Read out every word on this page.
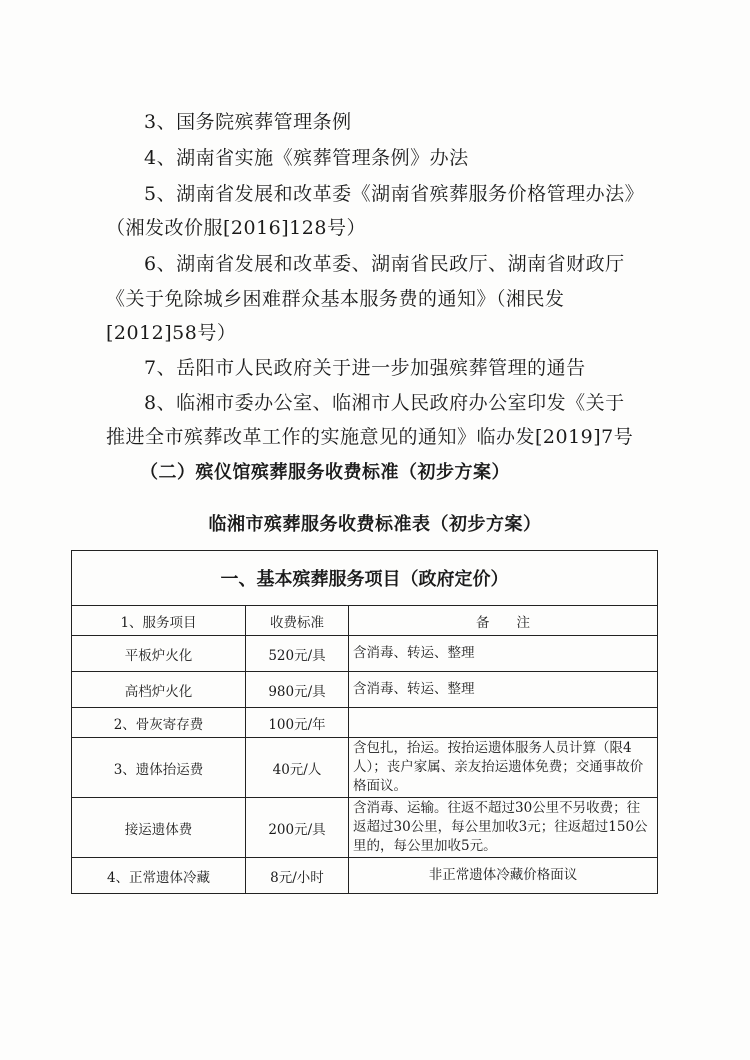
3、国务院殡葬管理条例
4、湖南省实施《殡葬管理条例》办法
5、湖南省发展和改革委《湖南省殡葬服务价格管理办法》
（湘发改价服[2016]128号）
6、湖南省发展和改革委、湖南省民政厅、湖南省财政厅
《关于免除城乡困难群众基本服务费的通知》（湘民发
[2012]58号）
7、岳阳市人民政府关于进一步加强殡葬管理的通告
8、临湘市委办公室、临湘市人民政府办公室印发《关于
推进全市殡葬改革工作的实施意见的通知》临办发[2019]7号
（二）殡仪馆殡葬服务收费标准（初步方案）
临湘市殡葬服务收费标准表（初步方案）
一、基本殡葬服务项目（政府定价）		
1、服务项目	收费标准	备　　注
平板炉火化	520元/具	含消毒、转运、整理
高档炉火化	980元/具	含消毒、转运、整理
2、骨灰寄存费	100元/年	
3、遗体抬运费	40元/人	含包扎，抬运。按抬运遗体服务人员计算（限4人）；丧户家属、亲友抬运遗体免费；交通事故价格面议。
接运遗体费	200元/具	含消毒、运输。往返不超过30公里不另收费；往返超过30公里，每公里加收3元；往返超过150公里的，每公里加收5元。
4、正常遗体冷藏	8元/小时	非正常遗体冷藏价格面议
